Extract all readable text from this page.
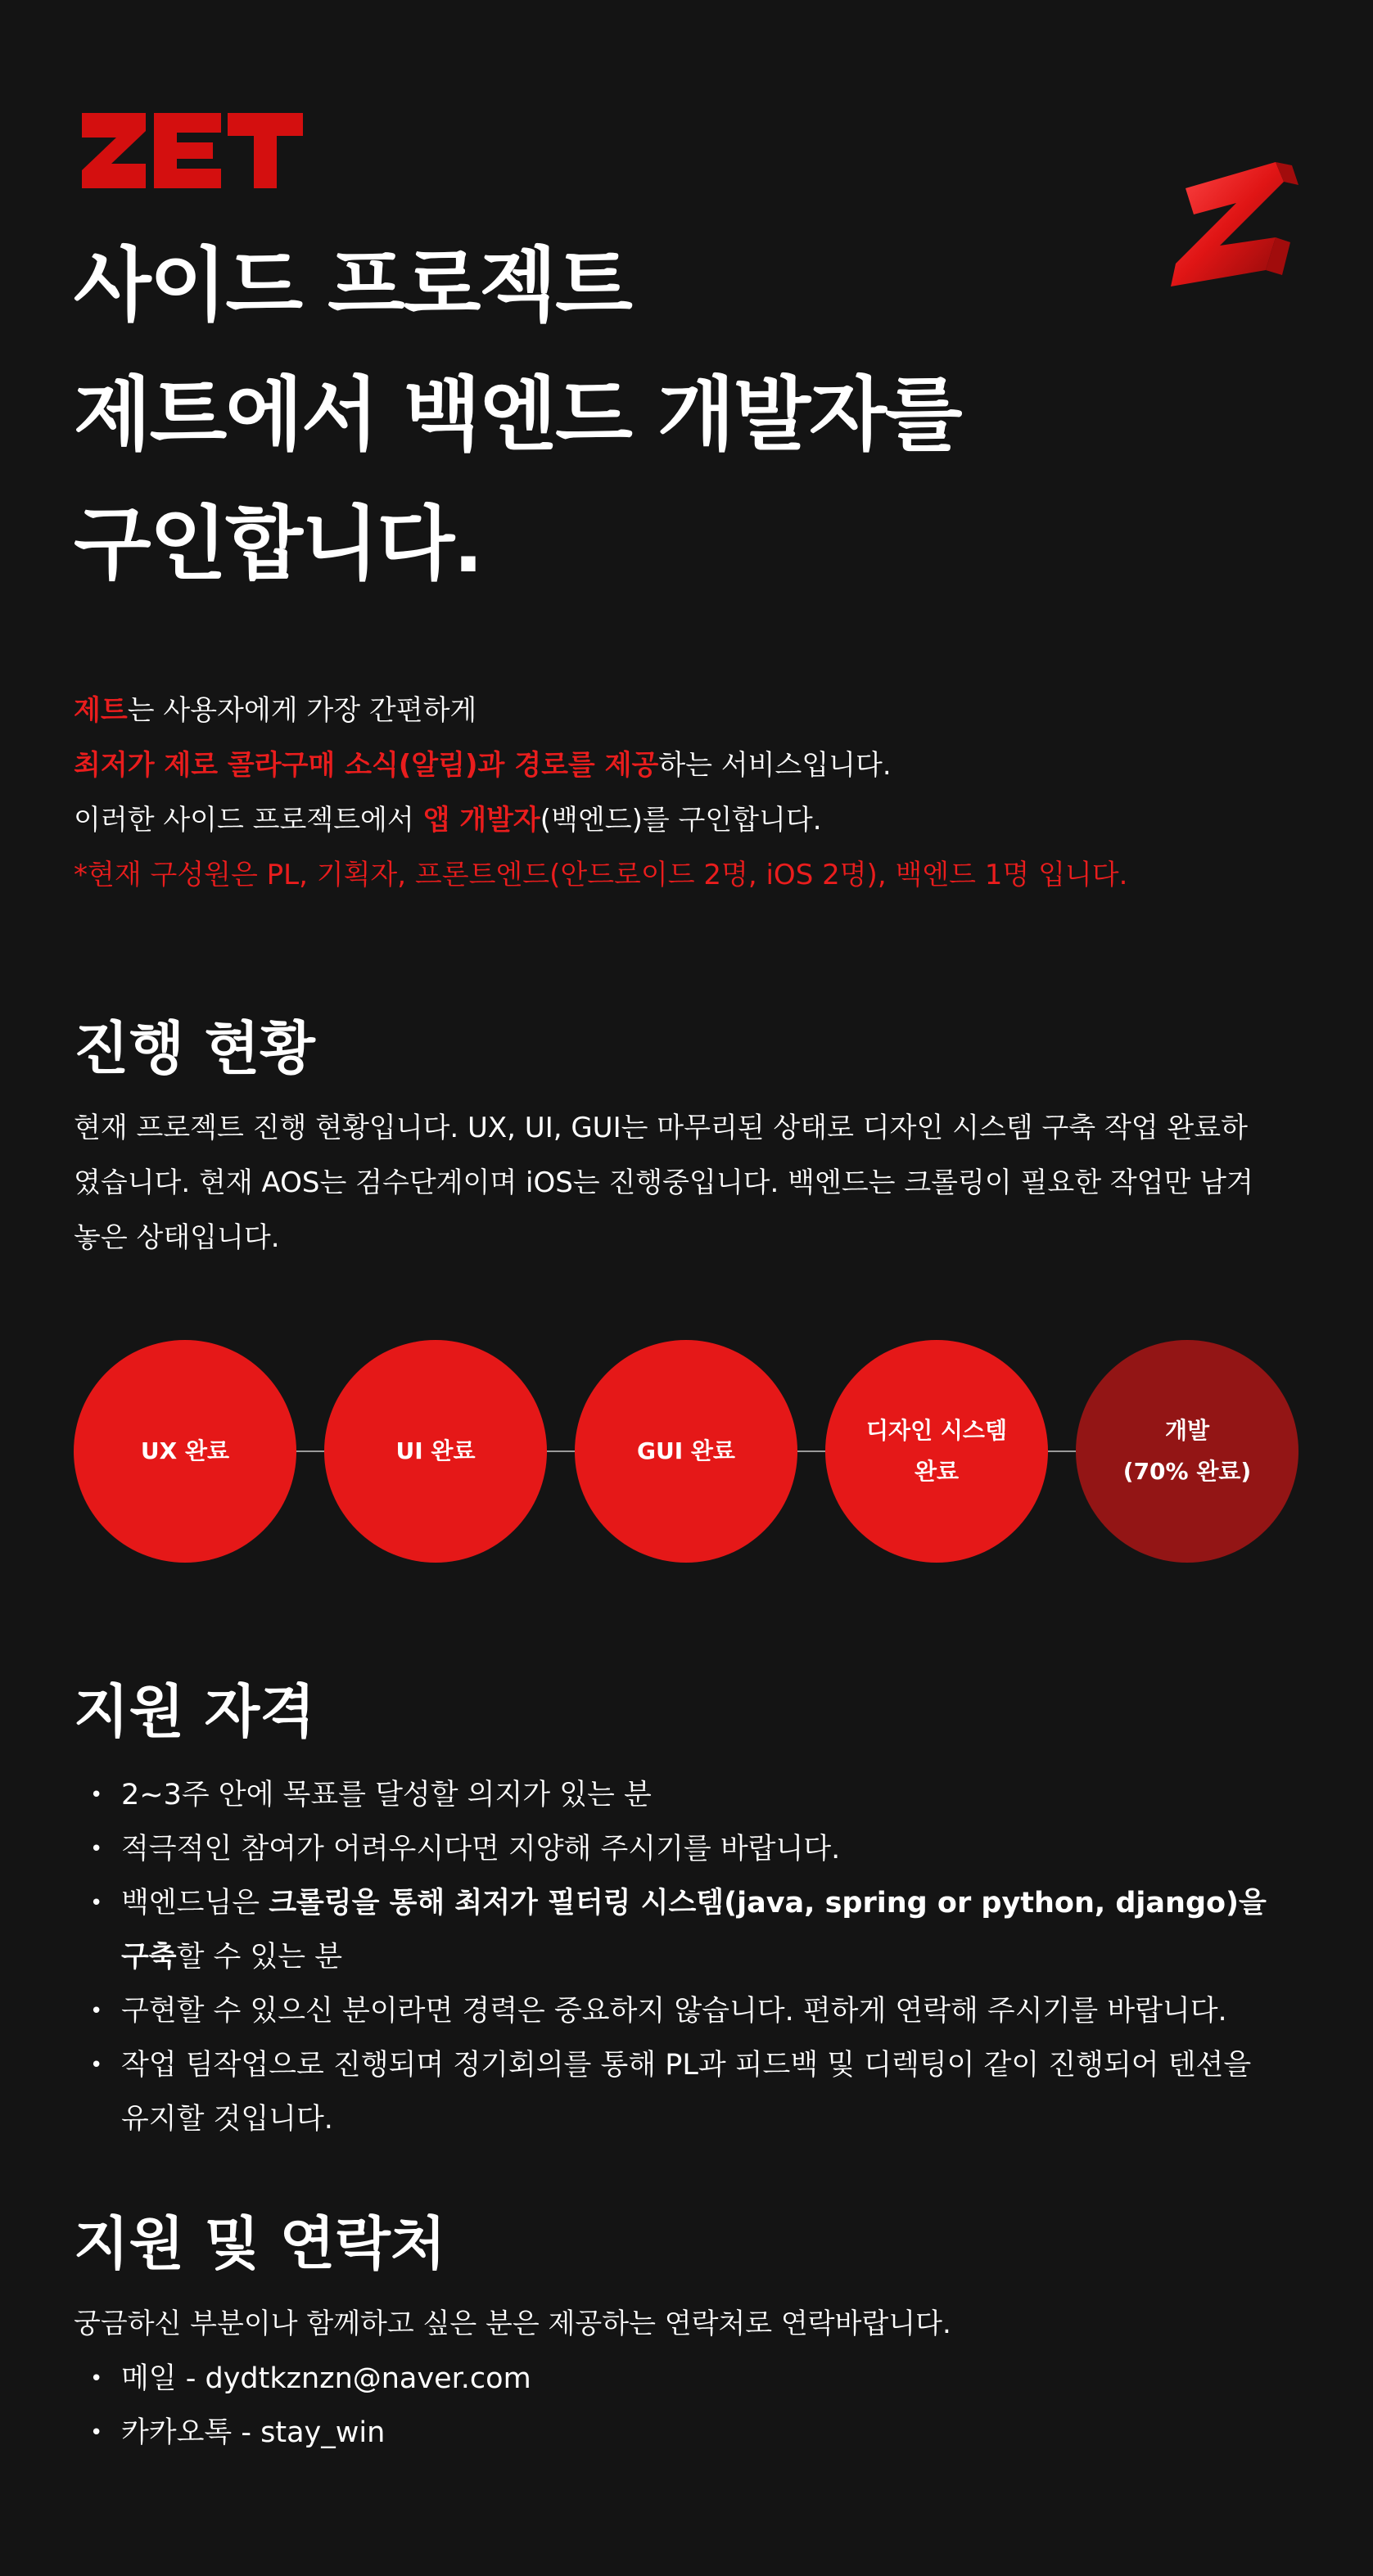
사이드 프로젝트
제트에서 백엔드 개발자를
구인합니다.

제트는 사용자에게 가장 간편하게

최저가 제로 콜라구매 소식(알림)과 경로를 제공하는 서비스입니다.

이러한 사이드 프로젝트에서 앱 개발자(백엔드)를 구인합니다.

*현재 구성원은 PL, 기획자, 프론트엔드(안드로이드 2명, iOS 2명), 백엔드 1명 입니다.

진행 현황

현재 프로젝트 진행 현황입니다. UX, UI, GUI는 마무리된 상태로 디자인 시스템 구축 작업 완료하

였습니다. 현재 AOS는 검수단계이며 iOS는 진행중입니다. 백엔드는 크롤링이 필요한 작업만 남겨

놓은 상태입니다.

UX 완료	UI 완료	GUI 완료
디자인 시스템
완료
개발
(70% 완료)
지원 자격
• 2~3주 안에 목표를 달성할 의지가 있는 분
• 적극적인 참여가 어려우시다면 지양해 주시기를 바랍니다.
• 백엔드님은 크롤링을 통해 최저가 필터링 시스템(java, spring or python, django)을
구축할 수 있는 분
• 구현할 수 있으신 분이라면 경력은 중요하지 않습니다. 편하게 연락해 주시기를 바랍니다.
• 작업 팀작업으로 진행되며 정기회의를 통해 PL과 피드백 및 디렉팅이 같이 진행되어 텐션을
유지할 것입니다.
지원 및 연락처

궁금하신 부분이나 함께하고 싶은 분은 제공하는 연락처로 연락바랍니다.

• 메일 - dydtkznzn@naver.com
• 카카오톡 - stay_win
